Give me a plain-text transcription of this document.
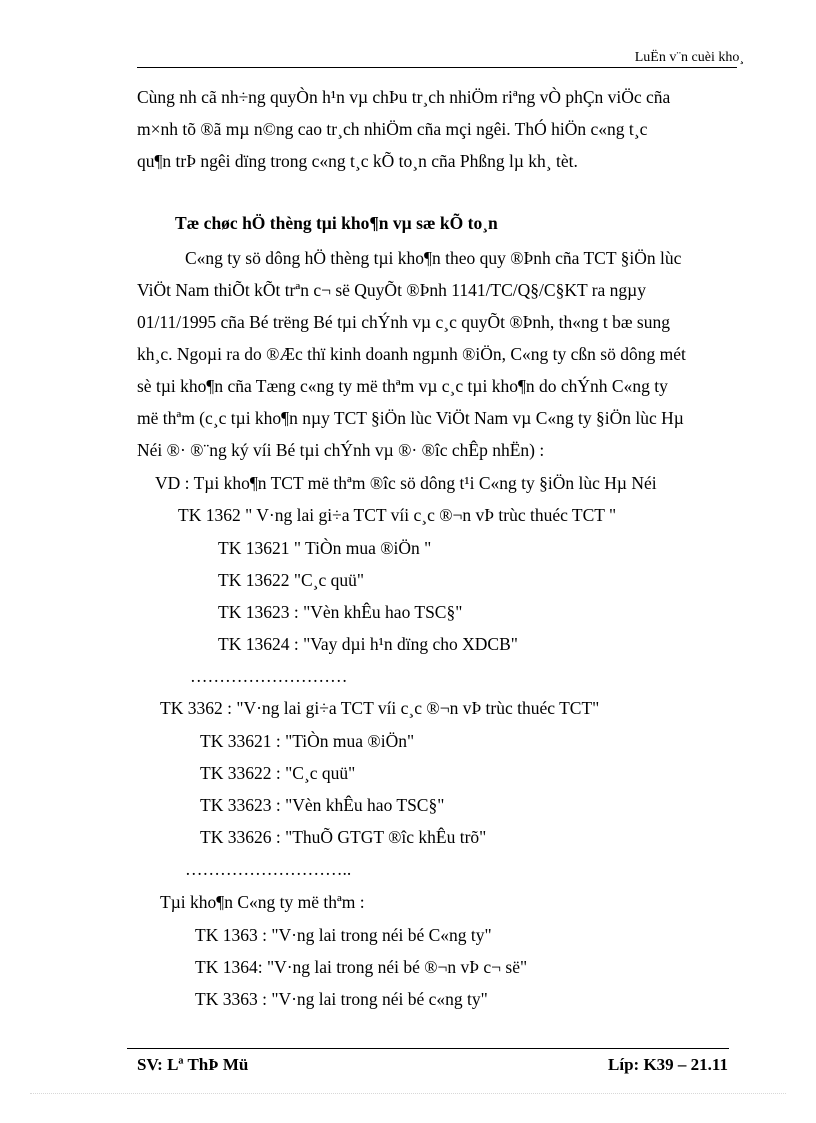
LuËn v¨n cuèi kho¸
Cùng nh cã nh÷ng quyÒn h¹n vµ chÞu tr¸ch nhiÖm riªng vÒ phÇn viÖc cña
m×nh tõ ®ã mµ n©ng cao tr¸ch nhiÖm cña mçi ngêi. ThÓ hiÖn c«ng t¸c
qu¶n trÞ ngêi dïng trong c«ng t¸c kÕ to¸n cña Phßng lµ kh¸ tèt.
Tæ chøc hÖ thèng tµi kho¶n vµ sæ kÕ to¸n
C«ng ty sö dông hÖ thèng tµi kho¶n theo quy ®Þnh cña TCT §iÖn lùc
ViÖt Nam thiÕt kÕt trªn c¬ së QuyÕt ®Þnh 1141/TC/Q§/C§KT ra ngµy
01/11/1995 cña Bé trëng Bé tµi chÝnh vµ c¸c quyÕt ®Þnh, th«ng t bæ sung
kh¸c. Ngoµi ra do ®Æc thï kinh doanh ngµnh ®iÖn, C«ng ty cßn sö dông mét
sè tµi kho¶n cña Tæng c«ng ty më thªm vµ c¸c tµi kho¶n do chÝnh C«ng ty
më thªm (c¸c tµi kho¶n nµy TCT §iÖn lùc ViÖt Nam vµ C«ng ty §iÖn lùc Hµ
Néi ®· ®¨ng ký víi Bé tµi chÝnh vµ ®· ®îc chÊp nhËn) :
VD : Tµi kho¶n TCT më thªm ®îc sö dông t¹i C«ng ty §iÖn lùc Hµ Néi
TK 1362 " V·ng lai gi÷a TCT víi c¸c ®¬n vÞ trùc thuéc TCT "
TK 13621 " TiÒn mua ®iÖn "
TK 13622 "C¸c quü"
TK 13623 : "Vèn khÊu hao TSC§"
TK 13624 : "Vay dµi h¹n dïng cho XDCB"
………………………
TK 3362 : "V·ng lai gi÷a TCT víi c¸c ®¬n vÞ trùc thuéc TCT"
TK 33621 : "TiÒn mua ®iÖn"
TK 33622 : "C¸c quü"
TK 33623 : "Vèn khÊu hao TSC§"
TK 33626 : "ThuÕ GTGT ®îc khÊu trõ"
………………………..
Tµi kho¶n C«ng ty më thªm :
TK 1363 : "V·ng lai trong néi bé C«ng ty"
TK 1364: "V·ng lai trong néi bé ®¬n vÞ c¬ së"
TK 3363 : "V·ng lai trong néi bé c«ng ty"
SV: Lª ThÞ Mü	Líp: K39 – 21.11
